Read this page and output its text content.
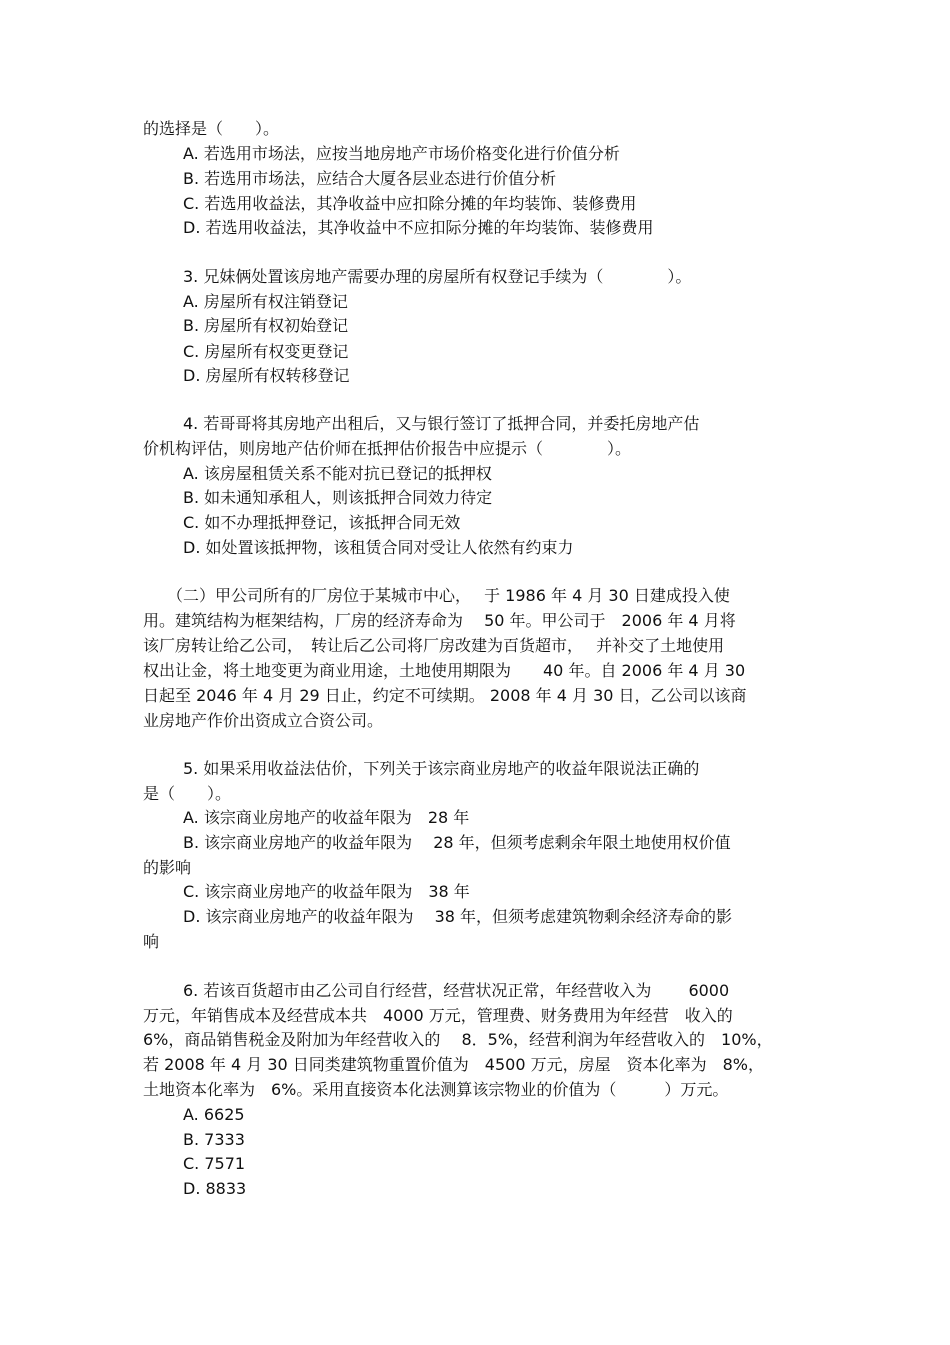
的选择是（　　）。
A. 若选用市场法，应按当地房地产市场价格变化进行价值分析
B. 若选用市场法，应结合大厦各层业态进行价值分析
C. 若选用收益法，其净收益中应扣除分摊的年均装饰、装修费用
D. 若选用收益法，其净收益中不应扣际分摊的年均装饰、装修费用
3. 兄妹俩处置该房地产需要办理的房屋所有权登记手续为（　　　　）。
A. 房屋所有权注销登记
B. 房屋所有权初始登记
C. 房屋所有权变更登记
D. 房屋所有权转移登记
4. 若哥哥将其房地产出租后，又与银行签订了抵押合同，并委托房地产估
价机构评估，则房地产估价师在抵押估价报告中应提示（　　　　）。
A. 该房屋租赁关系不能对抗已登记的抵押权
B. 如未通知承租人，则该抵押合同效力待定
C. 如不办理抵押登记，该抵押合同无效
D. 如处置该抵押物，该租赁合同对受让人依然有约束力
（二）甲公司所有的厂房位于某城市中心，　 于 1986 年 4 月 30 日建成投入使
用。建筑结构为框架结构，厂房的经济寿命为　 50 年。甲公司于　2006 年 4 月将
该厂房转让给乙公司，　转让后乙公司将厂房改建为百货超市，　 并补交了土地使用
权出让金，将土地变更为商业用途，土地使用期限为　　40 年。自 2006 年 4 月 30
日起至 2046 年 4 月 29 日止，约定不可续期。 2008 年 4 月 30 日，乙公司以该商
业房地产作价出资成立合资公司。
5. 如果采用收益法估价，下列关于该宗商业房地产的收益年限说法正确的
是（　　）。
A. 该宗商业房地产的收益年限为　28 年
B. 该宗商业房地产的收益年限为　 28 年，但须考虑剩余年限土地使用权价值
的影响
C. 该宗商业房地产的收益年限为　38 年
D. 该宗商业房地产的收益年限为　 38 年，但须考虑建筑物剩余经济寿命的影
响
6. 若该百货超市由乙公司自行经营，经营状况正常，年经营收入为　　 6000
万元，年销售成本及经营成本共　4000 万元，管理费、财务费用为年经营　收入的
6%，商品销售税金及附加为年经营收入的　 8．5%，经营利润为年经营收入的　10%，
若 2008 年 4 月 30 日同类建筑物重置价值为　4500 万元，房屋　资本化率为　8%，
土地资本化率为　6%。采用直接资本化法测算该宗物业的价值为（　　　）万元。
A. 6625
B. 7333
C. 7571
D. 8833
